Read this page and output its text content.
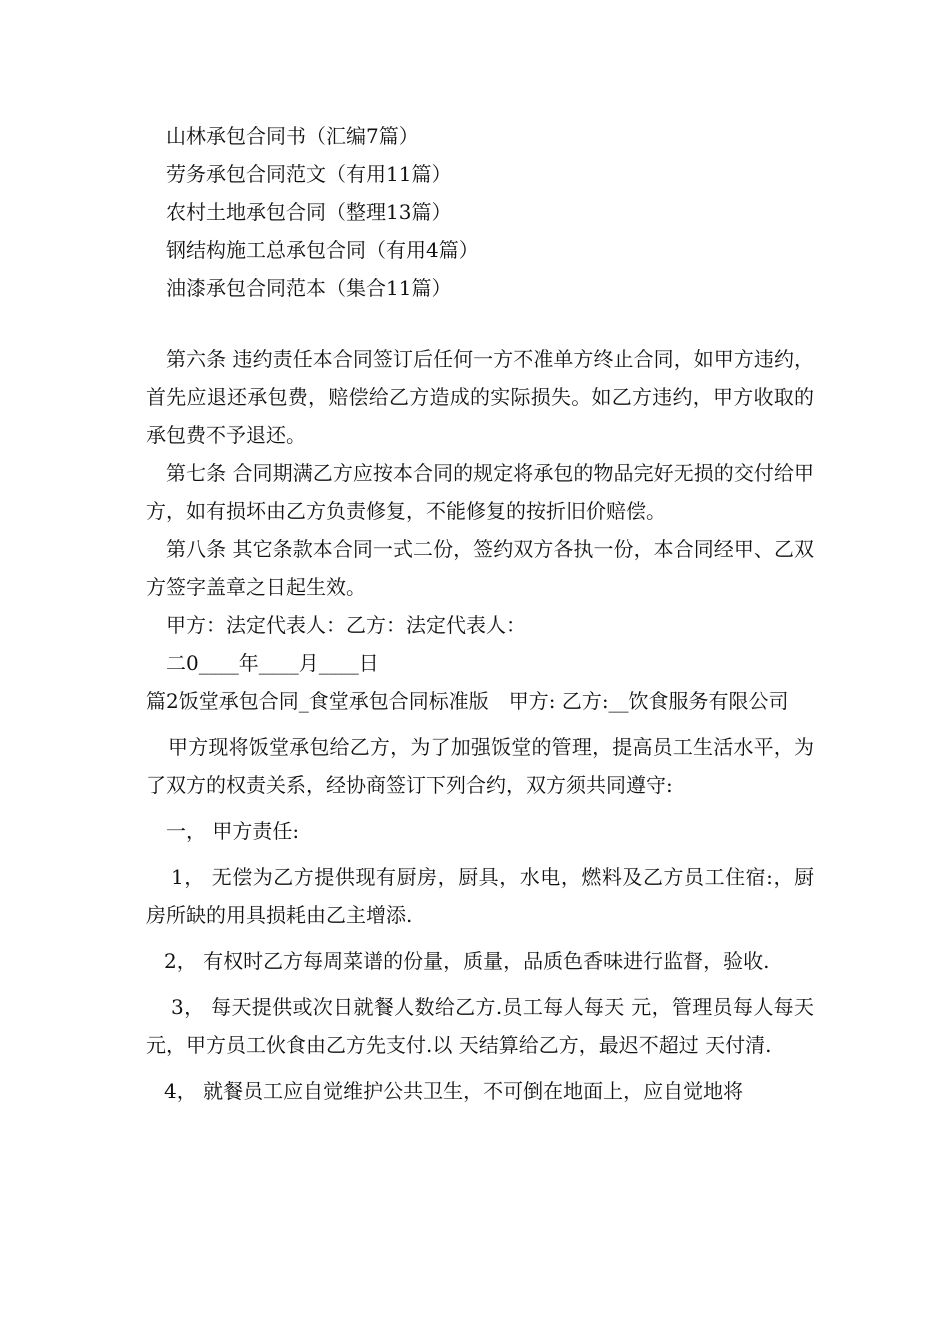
山林承包合同书（汇编7篇）
劳务承包合同范文（有用11篇）
农村土地承包合同（整理13篇）
钢结构施工总承包合同（有用4篇）
油漆承包合同范本（集合11篇）

第六条 违约责任本合同签订后任何一方不准单方终止合同，如甲方违约，首先应退还承包费，赔偿给乙方造成的实际损失。如乙方违约，甲方收取的承包费不予退还。

第七条 合同期满乙方应按本合同的规定将承包的物品完好无损的交付给甲方，如有损坏由乙方负责修复，不能修复的按折旧价赔偿。

第八条 其它条款本合同一式二份，签约双方各执一份，本合同经甲、乙双方签字盖章之日起生效。

甲方：法定代表人：乙方：法定代表人：

二0____年____月____日

篇2饭堂承包合同_食堂承包合同标准版　甲方: 乙方:__饮食服务有限公司

甲方现将饭堂承包给乙方，为了加强饭堂的管理，提高员工生活水平，为了双方的权责关系，经协商签订下列合约，双方须共同遵守:

一， 甲方责任:

1， 无偿为乙方提供现有厨房，厨具，水电，燃料及乙方员工住宿:，厨房所缺的用具损耗由乙主增添.

2， 有权时乙方每周菜谱的份量，质量，品质色香味进行监督，验收.

3， 每天提供或次日就餐人数给乙方.员工每人每天 元，管理员每人每天 元，甲方员工伙食由乙方先支付.以 天结算给乙方，最迟不超过 天付清.

4， 就餐员工应自觉维护公共卫生，不可倒在地面上，应自觉地将
